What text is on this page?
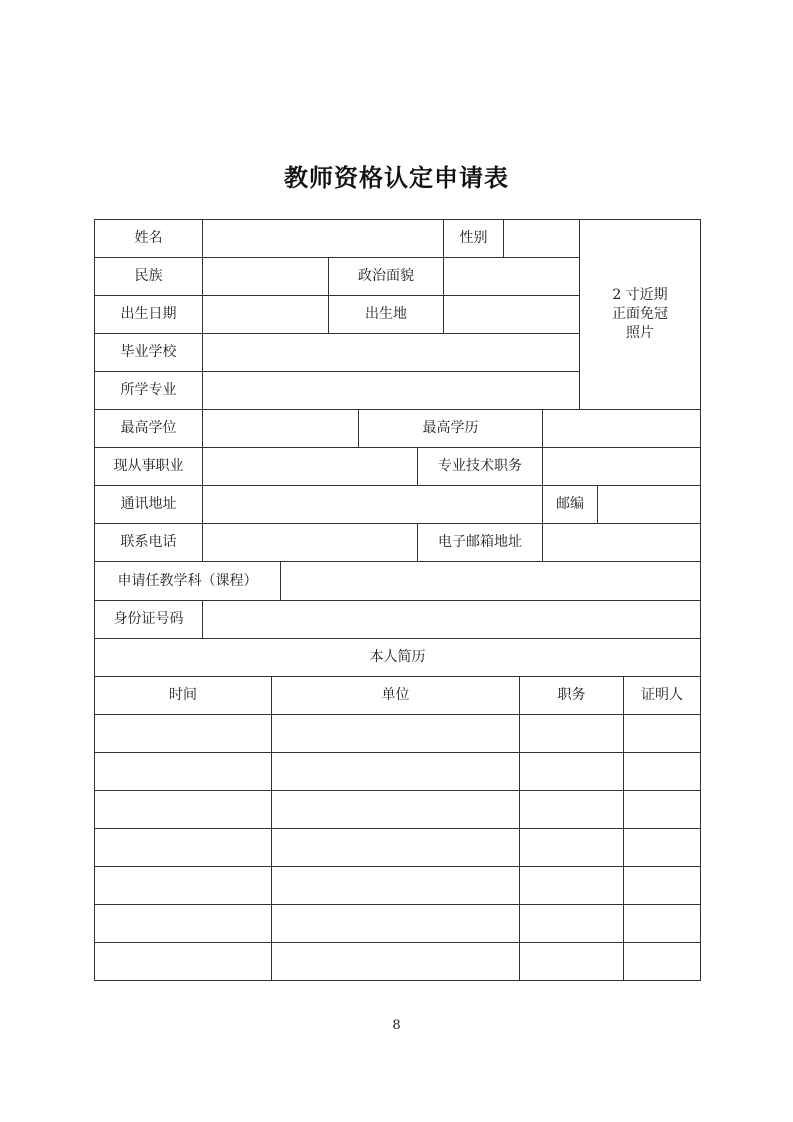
教师资格认定申请表
姓名	性别
2 寸近期
正面免冠
照片
民族	政治面貌
出生日期	出生地
毕业学校
所学专业
最高学位	最高学历
现从事职业	专业技术职务
通讯地址	邮编
联系电话	电子邮箱地址
申请任教学科（课程）
身份证号码
本人简历
时间	单位	职务	证明人
8
